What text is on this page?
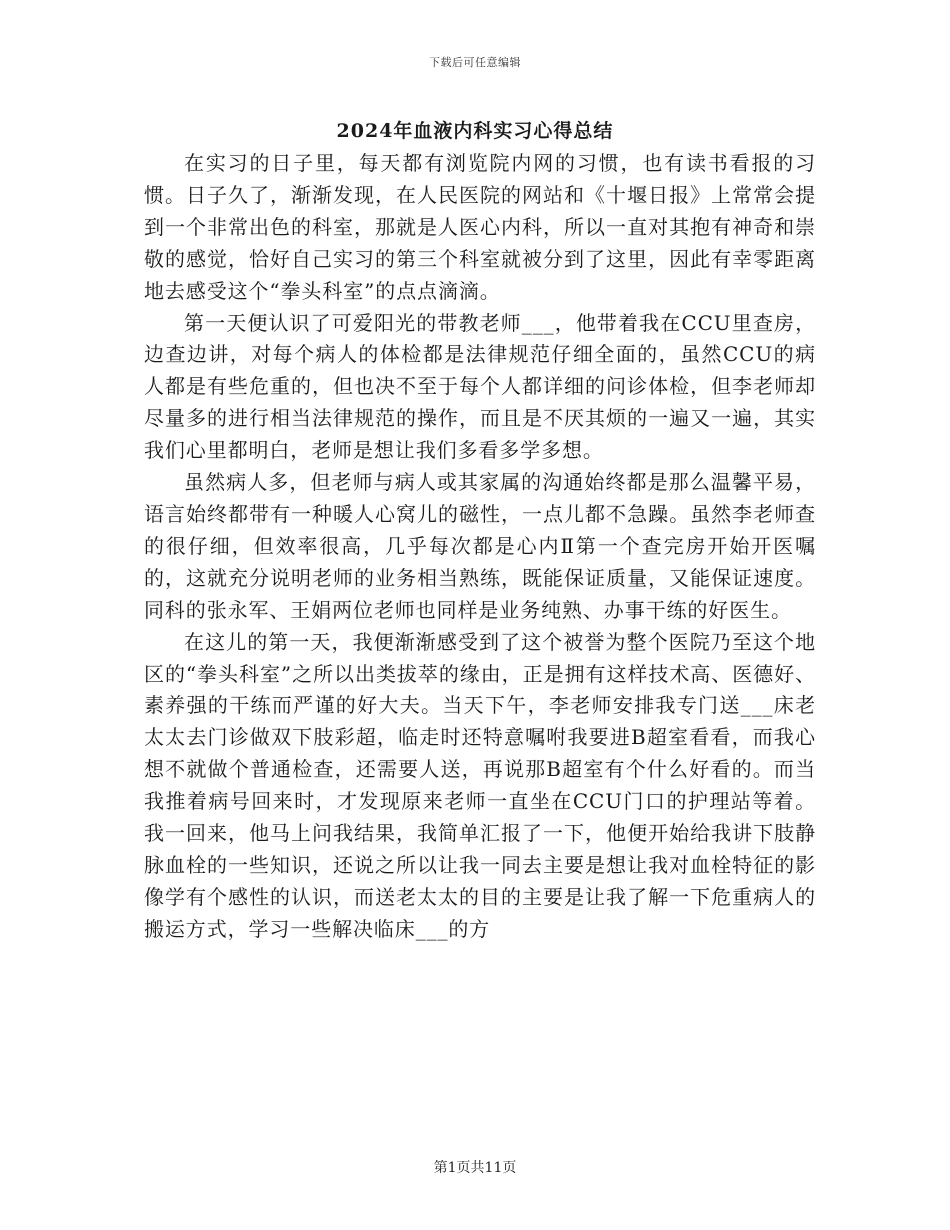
下载后可任意编辑
2024年血液内科实习心得总结

在实习的日子里，每天都有浏览院内网的习惯，也有读书看报的习惯。日子久了，渐渐发现，在人民医院的网站和《十堰日报》上常常会提到一个非常出色的科室，那就是人医心内科，所以一直对其抱有神奇和崇敬的感觉，恰好自己实习的第三个科室就被分到了这里，因此有幸零距离地去感受这个“拳头科室”的点点滴滴。

第一天便认识了可爱阳光的带教老师___，他带着我在CCU里查房，边查边讲，对每个病人的体检都是法律规范仔细全面的，虽然CCU的病人都是有些危重的，但也决不至于每个人都详细的问诊体检，但李老师却尽量多的进行相当法律规范的操作，而且是不厌其烦的一遍又一遍，其实我们心里都明白，老师是想让我们多看多学多想。

虽然病人多，但老师与病人或其家属的沟通始终都是那么温馨平易，语言始终都带有一种暖人心窝儿的磁性，一点儿都不急躁。虽然李老师查的很仔细，但效率很高，几乎每次都是心内Ⅱ第一个查完房开始开医嘱的，这就充分说明老师的业务相当熟练，既能保证质量，又能保证速度。同科的张永军、王娟两位老师也同样是业务纯熟、办事干练的好医生。

在这儿的第一天，我便渐渐感受到了这个被誉为整个医院乃至这个地区的“拳头科室”之所以出类拔萃的缘由，正是拥有这样技术高、医德好、素养强的干练而严谨的好大夫。当天下午，李老师安排我专门送___床老太太去门诊做双下肢彩超，临走时还特意嘱咐我要进B超室看看，而我心想不就做个普通检查，还需要人送，再说那B超室有个什么好看的。而当我推着病号回来时，才发现原来老师一直坐在CCU门口的护理站等着。我一回来，他马上问我结果，我简单汇报了一下，他便开始给我讲下肢静脉血栓的一些知识，还说之所以让我一同去主要是想让我对血栓特征的影像学有个感性的认识，而送老太太的目的主要是让我了解一下危重病人的搬运方式，学习一些解决临床___的方

第1页共11页
